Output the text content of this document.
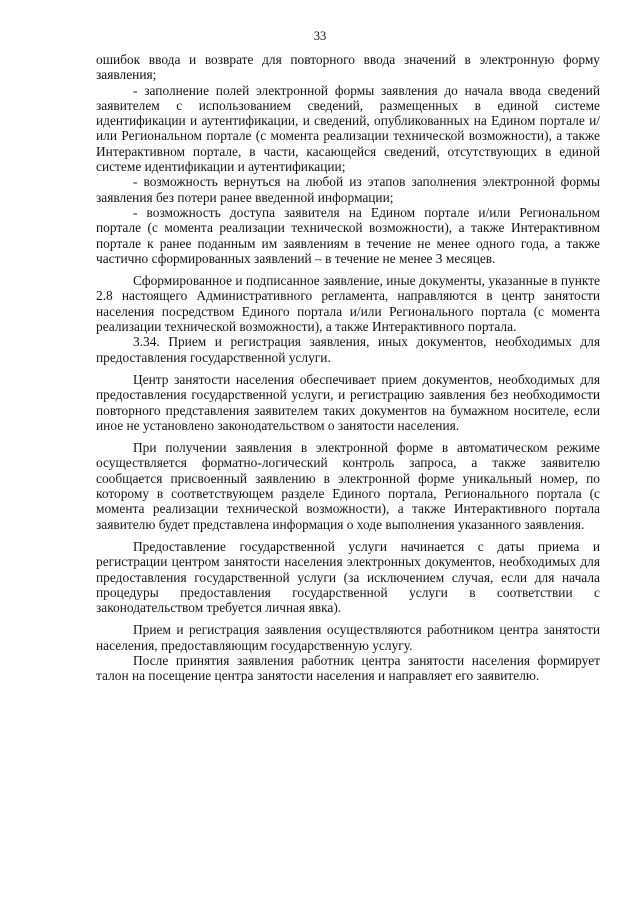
33

ошибок ввода и возврате для повторного ввода значений в электронную форму заявления;

- заполнение полей электронной формы заявления до начала ввода сведений заявителем с использованием сведений, размещенных в единой системе идентификации и аутентификации, и сведений, опубликованных на Едином портале и/или Региональном портале (с момента реализации технической возможности), а также Интерактивном портале, в части, касающейся сведений, отсутствующих в единой системе идентификации и аутентификации;

- возможность вернуться на любой из этапов заполнения электронной формы заявления без потери ранее введенной информации;

- возможность доступа заявителя на Едином портале и/или Региональном портале (с момента реализации технической возможности), а также Интерактивном портале к ранее поданным им заявлениям в течение не менее одного года, а также частично сформированных заявлений – в течение не менее 3 месяцев.

Сформированное и подписанное заявление, иные документы, указанные в пункте 2.8 настоящего Административного регламента, направляются в центр занятости населения посредством Единого портала и/или Регионального портала (с момента реализации технической возможности), а также Интерактивного портала.

3.34. Прием и регистрация заявления, иных документов, необходимых для предоставления государственной услуги.

Центр занятости населения обеспечивает прием документов, необходимых для предоставления государственной услуги, и регистрацию заявления без необходимости повторного представления заявителем таких документов на бумажном носителе, если иное не установлено законодательством о занятости населения.

При получении заявления в электронной форме в автоматическом режиме осуществляется форматно-логический контроль запроса, а также заявителю сообщается присвоенный заявлению в электронной форме уникальный номер, по которому в соответствующем разделе Единого портала, Регионального портала (с момента реализации технической возможности), а также Интерактивного портала заявителю будет представлена информация о ходе выполнения указанного заявления.

Предоставление государственной услуги начинается с даты приема и регистрации центром занятости населения электронных документов, необходимых для предоставления государственной услуги (за исключением случая, если для начала процедуры предоставления государственной услуги в соответствии с законодательством требуется личная явка).

Прием и регистрация заявления осуществляются работником центра занятости населения, предоставляющим государственную услугу.

После принятия заявления работник центра занятости населения формирует талон на посещение центра занятости населения и направляет его заявителю.
